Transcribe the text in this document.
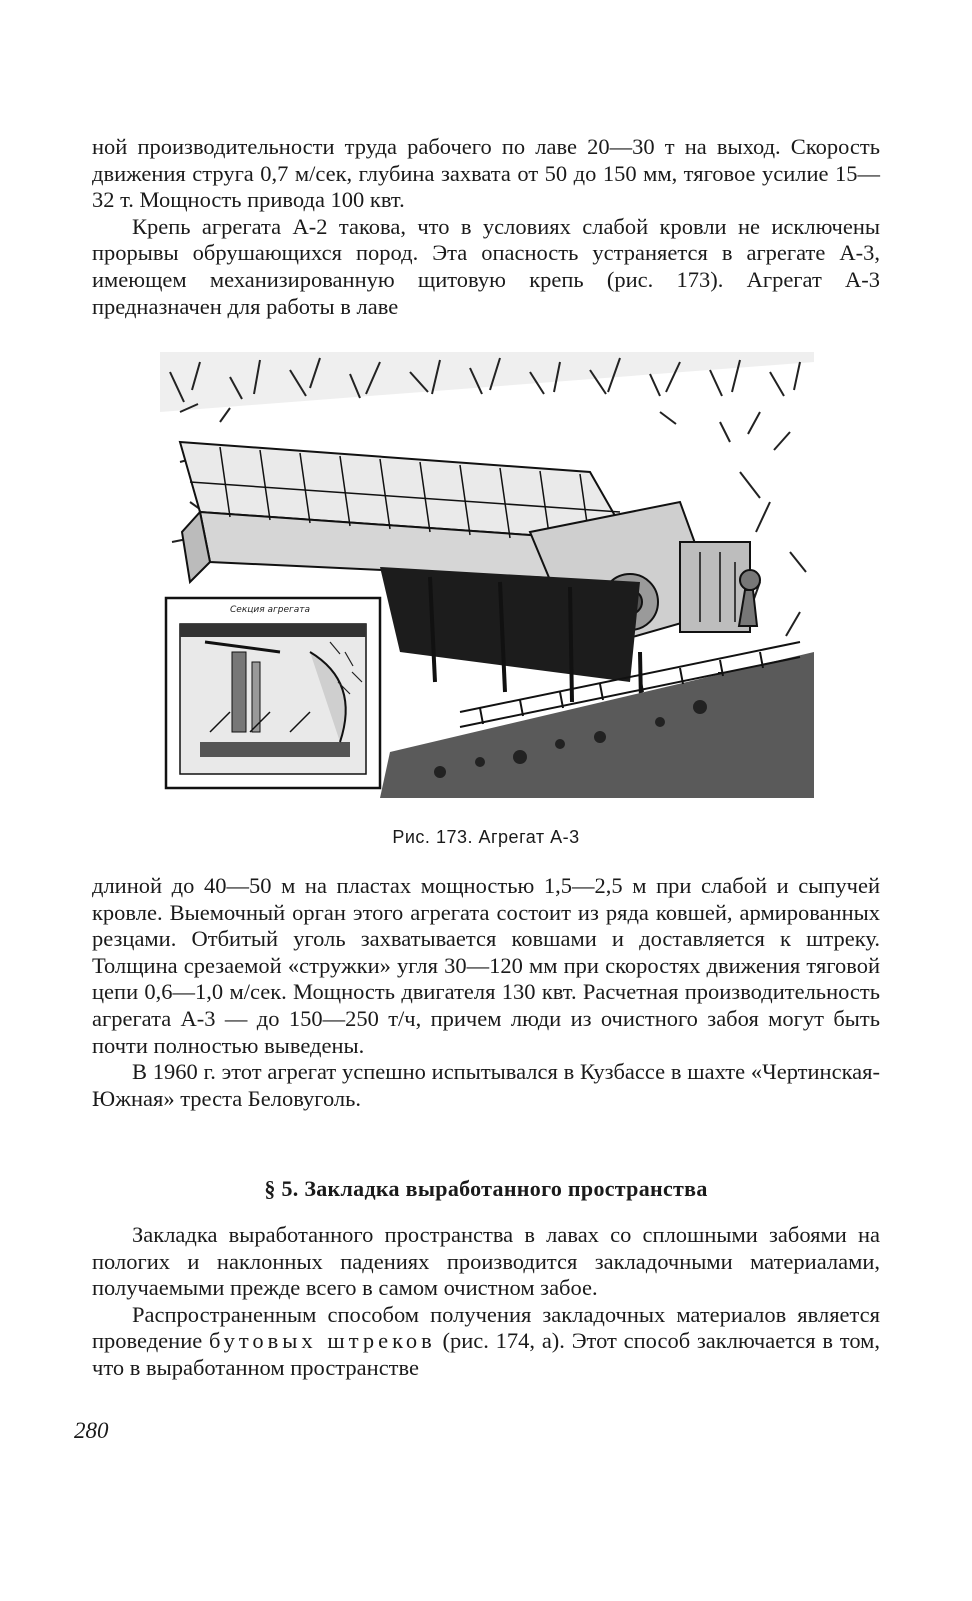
ной производительности труда рабочего по лаве 20—30 т на выход. Скорость движения струга 0,7 м/сек, глубина захвата от 50 до 150 мм, тяговое усилие 15—32 т. Мощность привода 100 квт.

Крепь агрегата А-2 такова, что в условиях слабой кровли не исключены прорывы обрушающихся пород. Эта опасность устраняется в агрегате А-3, имеющем механизированную щитовую крепь (рис. 173). Агрегат А-3 предназначен для работы в лаве

Секция агрегата
Рис. 173. Агрегат А-3

длиной до 40—50 м на пластах мощностью 1,5—2,5 м при слабой и сыпучей кровле. Выемочный орган этого агрегата состоит из ряда ковшей, армированных резцами. Отбитый уголь захватывается ковшами и доставляется к штреку. Толщина срезаемой «стружки» угля 30—120 мм при скоростях движения тяговой цепи 0,6—1,0 м/сек. Мощность двигателя 130 квт. Расчетная производительность агрегата А-3 — до 150—250 т/ч, причем люди из очистного забоя могут быть почти полностью выведены.

В 1960 г. этот агрегат успешно испытывался в Кузбассе в шахте «Чертинская-Южная» треста Беловуголь.

§ 5. Закладка выработанного пространства

Закладка выработанного пространства в лавах со сплошными забоями на пологих и наклонных падениях производится закладочными материалами, получаемыми прежде всего в самом очистном забое.

Распространенным способом получения закладочных материалов является проведение бутовых штреков (рис. 174, а). Этот способ заключается в том, что в выработанном пространстве

280
